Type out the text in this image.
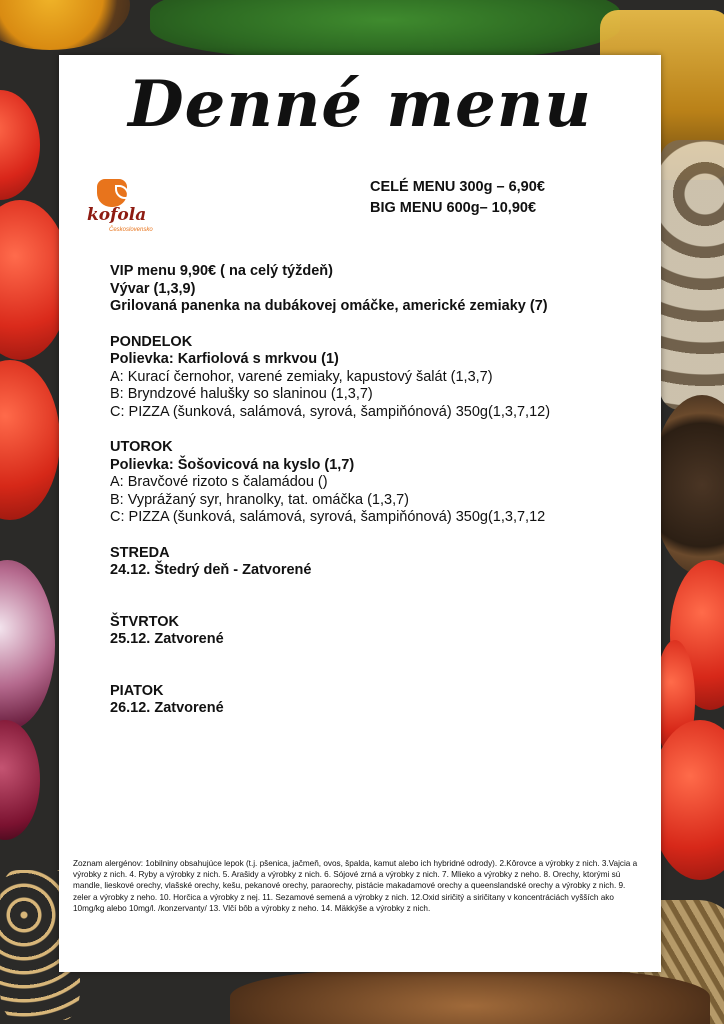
Denné menu
kofola
Československo
CELÉ MENU 300g – 6,90€
BIG MENU 600g– 10,90€
VIP menu 9,90€ ( na celý týždeň)
Vývar (1,3,9)
Grilovaná panenka na dubákovej omáčke, americké zemiaky (7)
PONDELOK
Polievka: Karfiolová s mrkvou (1)
A: Kurací černohor, varené zemiaky, kapustový šalát (1,3,7)
B: Bryndzové halušky so slaninou (1,3,7)
C: PIZZA (šunková, salámová, syrová, šampiňónová) 350g(1,3,7,12)
UTOROK
Polievka: Šošovicová na kyslo (1,7)
A: Bravčové rizoto s čalamádou ()
B: Vyprážaný syr, hranolky, tat. omáčka (1,3,7)
C: PIZZA (šunková, salámová, syrová, šampiňónová) 350g(1,3,7,12
STREDA
24.12. Štedrý deň - Zatvorené
ŠTVRTOK
25.12. Zatvorené
PIATOK
26.12. Zatvorené
Zoznam alergénov: 1obilniny obsahujúce lepok (t.j. pšenica, jačmeň, ovos, špalda, kamut alebo ich hybridné odrody). 2.Kôrovce a výrobky z nich. 3.Vajcia a výrobky z nich. 4. Ryby a výrobky z nich. 5. Arašidy a výrobky z nich. 6. Sójové zrná a výrobky z nich. 7. Mlieko a výrobky z neho. 8. Orechy, ktorými sú mandle, lieskové orechy, vlašské orechy, kešu, pekanové orechy, paraorechy, pistácie makadamové orechy a queenslandské orechy a výrobky z nich. 9. zeler a výrobky z neho. 10. Horčica a výrobky z nej. 11. Sezamové semená a výrobky z nich. 12.Oxid siričitý a siričitany v koncentráciách vyšších ako 10mg/kg alebo 10mg/l. /konzervanty/ 13. Vlčí bôb a výrobky z neho. 14. Mäkkýše a výrobky z nich.
